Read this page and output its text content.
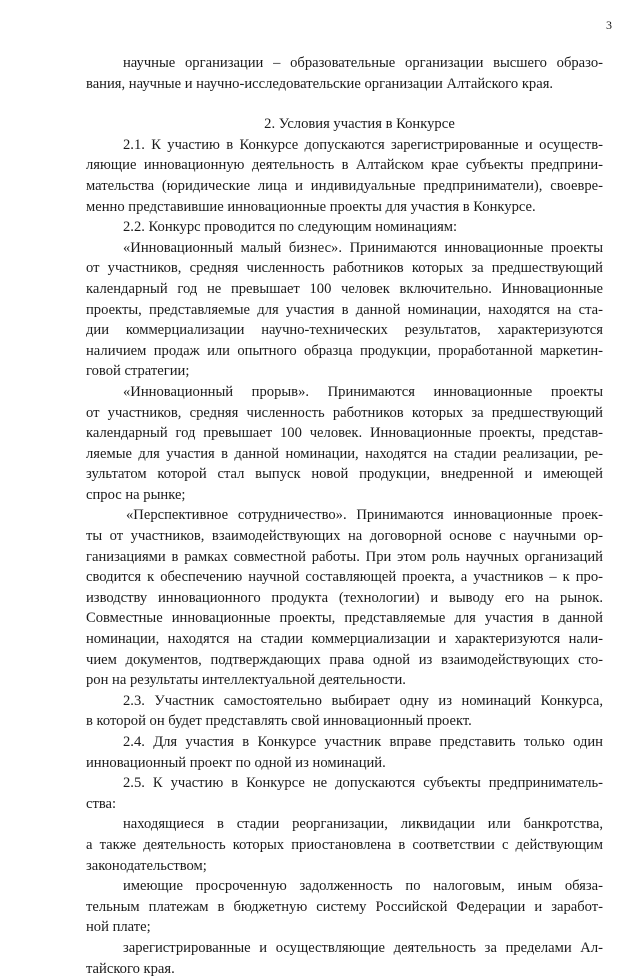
3
научные организации – образовательные организации высшего образо-
вания, научные и научно-исследовательские организации Алтайского края.
2. Условия участия в Конкурсе
2.1. К участию в Конкурсе допускаются зарегистрированные и осуществ-
ляющие инновационную деятельность в Алтайском крае субъекты предприни-
мательства (юридические лица и индивидуальные предприниматели), своевре-
менно представившие инновационные проекты для участия в Конкурсе.
2.2. Конкурс проводится по следующим номинациям:
«Инновационный малый бизнес». Принимаются инновационные проекты
от участников, средняя численность работников которых за предшествующий
календарный год не превышает 100 человек включительно. Инновационные
проекты, представляемые для участия в данной номинации, находятся на ста-
дии коммерциализации научно-технических результатов, характеризуются
наличием продаж или опытного образца продукции, проработанной маркетин-
говой стратегии;
«Инновационный прорыв». Принимаются инновационные проекты
от участников, средняя численность работников которых за предшествующий
календарный год превышает 100 человек. Инновационные проекты, представ-
ляемые для участия в данной номинации, находятся на стадии реализации, ре-
зультатом которой стал выпуск новой продукции, внедренной и имеющей
спрос на рынке;
«Перспективное сотрудничество». Принимаются инновационные проек-
ты от участников, взаимодействующих на договорной основе с научными ор-
ганизациями в рамках совместной работы. При этом роль научных организаций
сводится к обеспечению научной составляющей проекта, а участников – к про-
изводству инновационного продукта (технологии) и выводу его на рынок.
Совместные инновационные проекты, представляемые для участия в данной
номинации, находятся на стадии коммерциализации и характеризуются нали-
чием документов, подтверждающих права одной из взаимодействующих сто-
рон на результаты интеллектуальной деятельности.
2.3. Участник самостоятельно выбирает одну из номинаций Конкурса,
в которой он будет представлять свой инновационный проект.
2.4. Для участия в Конкурсе участник вправе представить только один
инновационный проект по одной из номинаций.
2.5. К участию в Конкурсе не допускаются субъекты предприниматель-
ства:
находящиеся в стадии реорганизации, ликвидации или банкротства,
а также деятельность которых приостановлена в соответствии с действующим
законодательством;
имеющие просроченную задолженность по налоговым, иным обяза-
тельным платежам в бюджетную систему Российской Федерации и заработ-
ной плате;
зарегистрированные и осуществляющие деятельность за пределами Ал-
тайского края.
